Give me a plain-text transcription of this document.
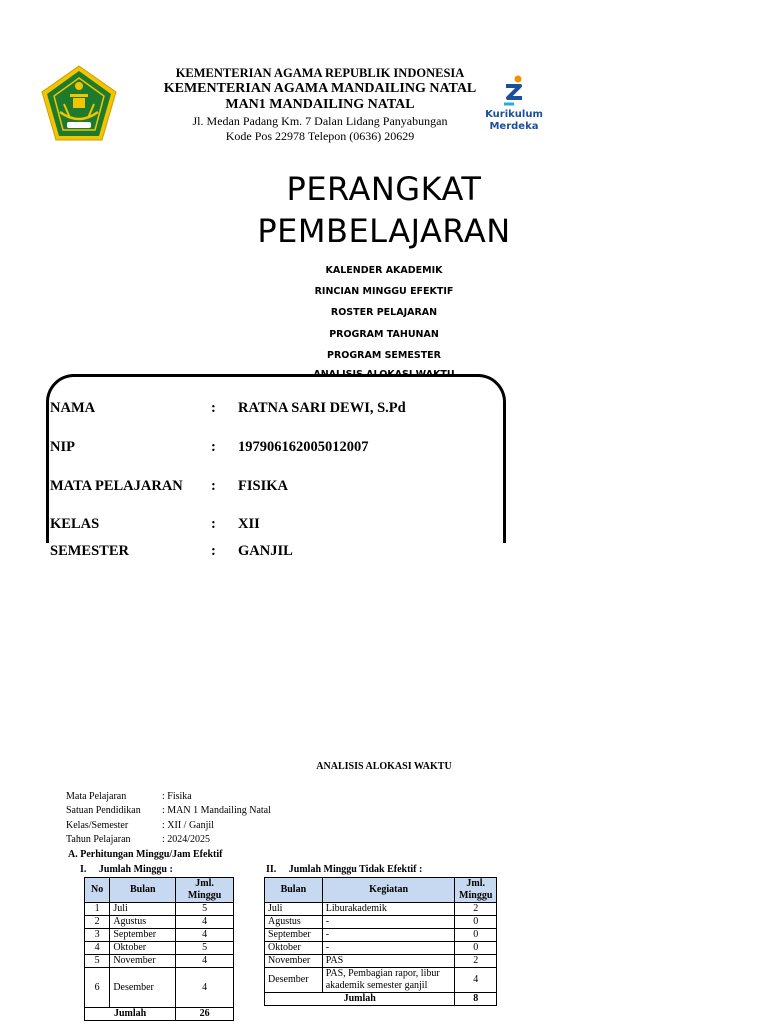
KEMENTERIAN AGAMA REPUBLIK INDONESIA
KEMENTERIAN AGAMA MANDAILING NATAL
MAN1 MANDAILING NATAL
Jl. Medan Padang Km. 7 Dalan Lidang Panyabungan
Kode Pos 22978 Telepon (0636) 20629
Kurikulum
Merdeka
PERANGKAT
PEMBELAJARAN
KALENDER AKADEMIK
RINCIAN MINGGU EFEKTIF
ROSTER PELAJARAN
PROGRAM TAHUNAN
PROGRAM SEMESTER
ANALISIS ALOKASI WAKTU
NAMA	: RATNA SARI DEWI, S.Pd
NIP	: 197906162005012007
MATA PELAJARAN : FISIKA
KELAS	: XII
SEMESTER	: GANJIL
ANALISIS ALOKASI WAKTU
Mata Pelajaran	: Fisika
Satuan Pendidikan : MAN 1 Mandailing Natal
Kelas/Semester	: XII / Ganjil
Tahun Pelajaran	: 2024/2025
A. Perhitungan Minggu/Jam Efektif
I.     Jumlah Minggu :	II.     Jumlah Minggu Tidak Efektif :
No	Bulan	Jml. Minggu
1	Juli	5
2	Agustus	4
3	September	4
4	Oktober	5
5	November	4
6	Desember	4
Jumlah		26
Bulan	Kegiatan	Jml. Minggu
Juli	Liburakademik	2
Agustus	-	0
September	-	0
Oktober	-	0
November	PAS	2
Desember	PAS, Pembagian rapor, libur akademik semester ganjil	4
Jumlah		8
